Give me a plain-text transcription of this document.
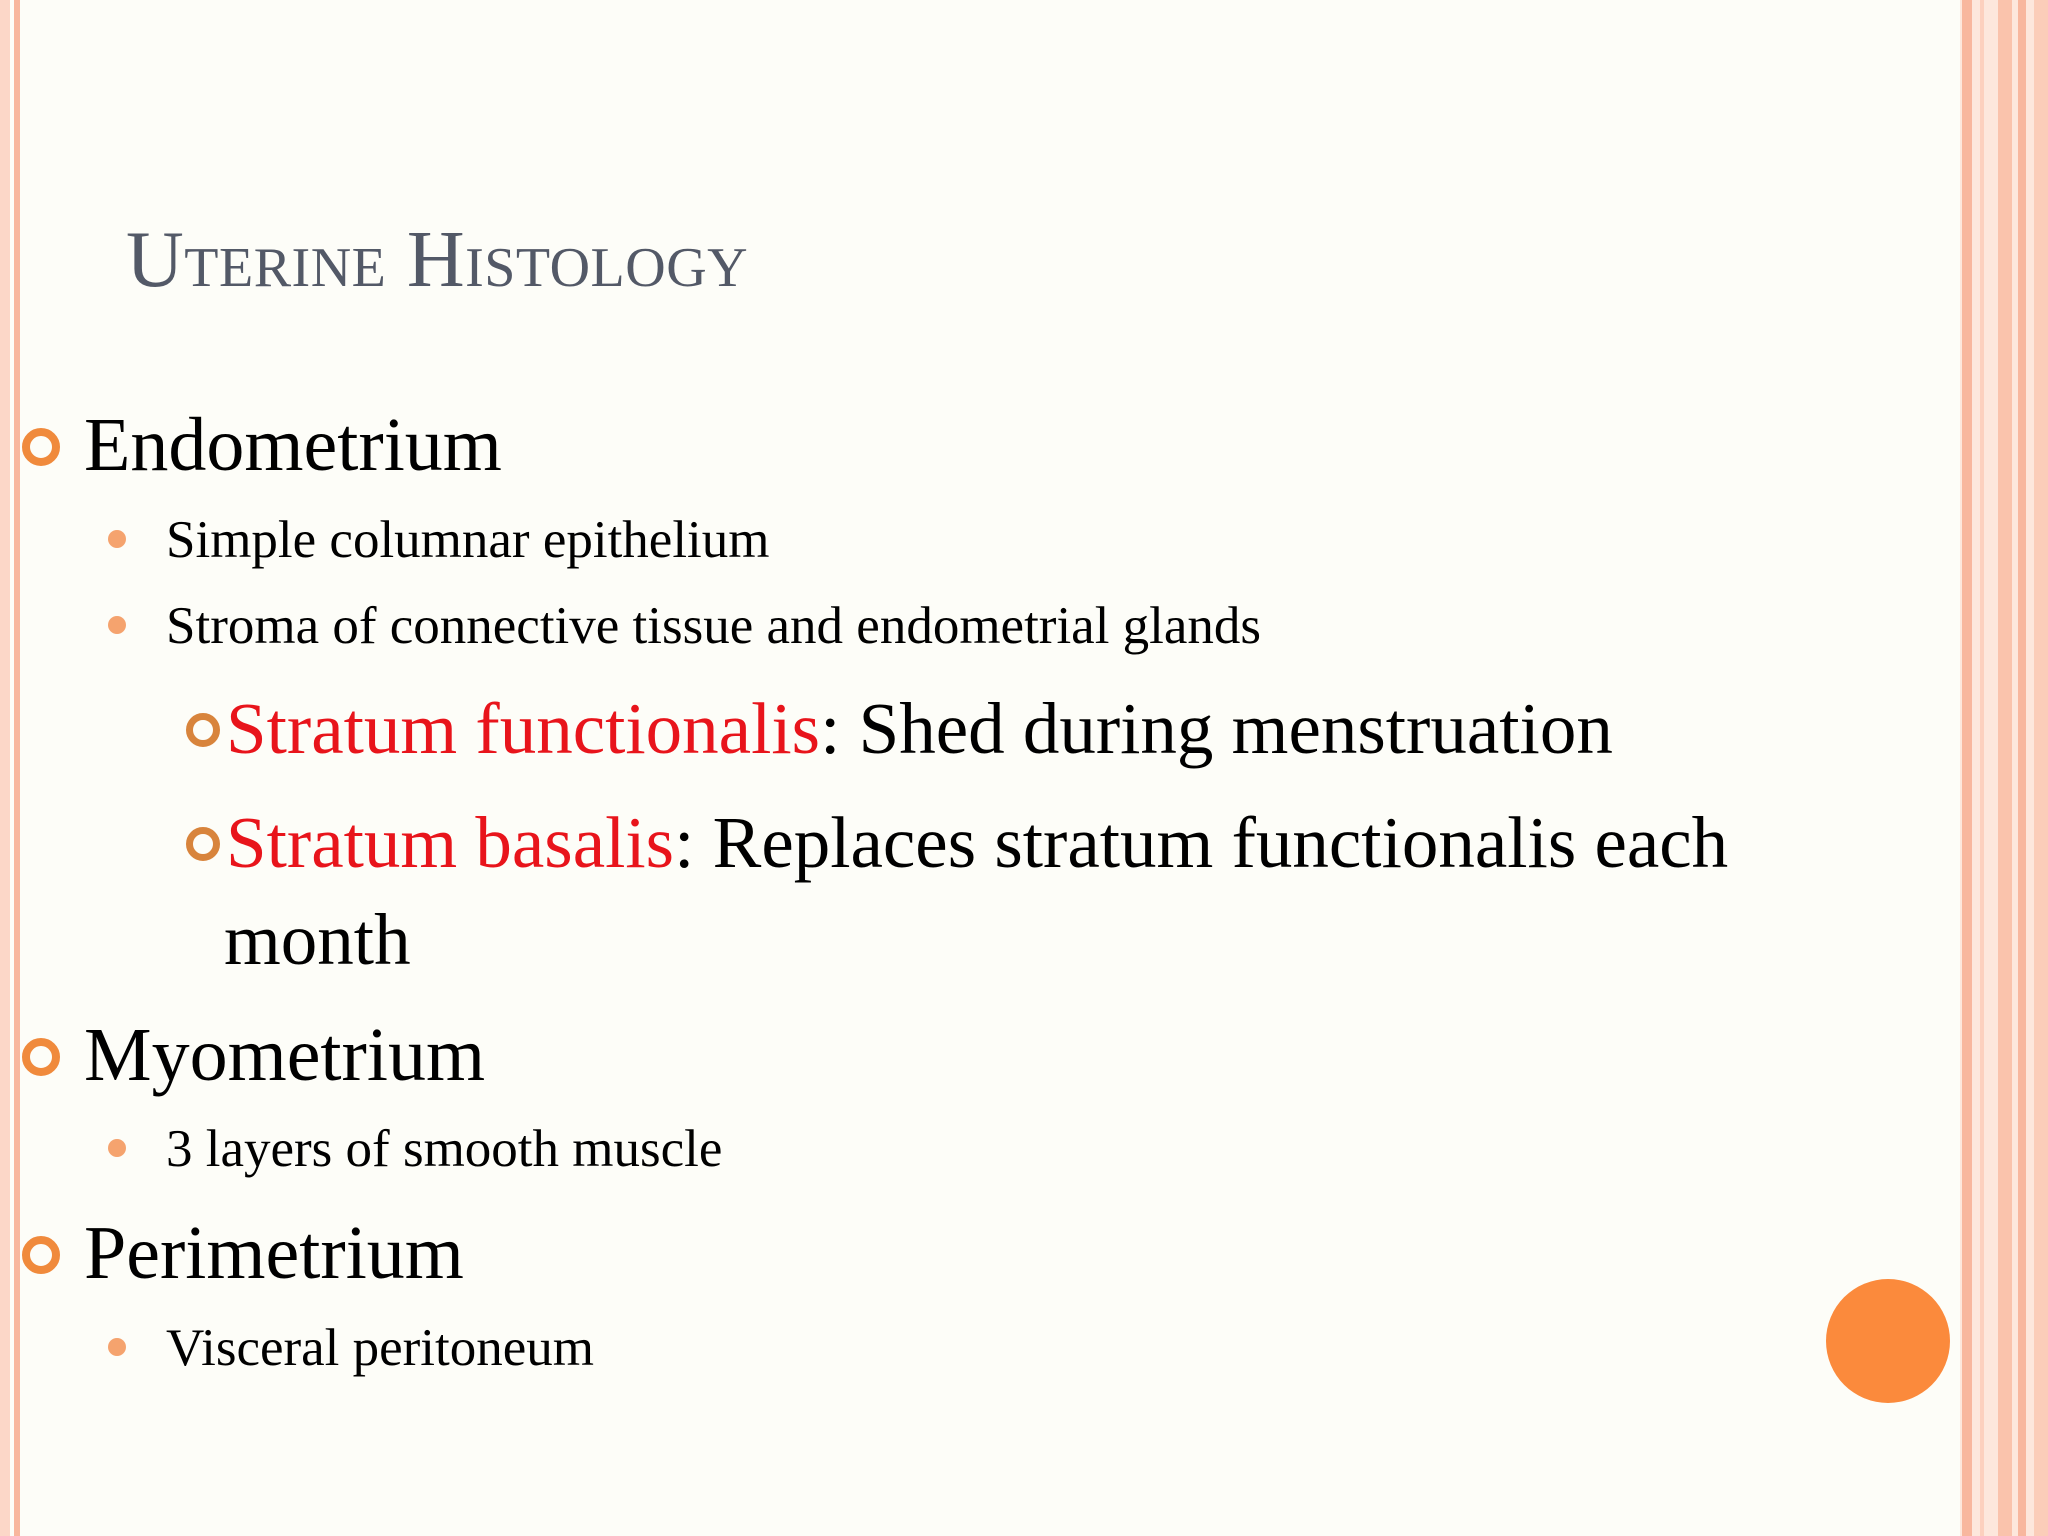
Uterine Histology
Endometrium
Simple columnar epithelium
Stroma of connective tissue and endometrial glands
Stratum functionalis: Shed during menstruation
Stratum basalis: Replaces stratum functionalis each
month
Myometrium
3 layers of smooth muscle
Perimetrium
Visceral peritoneum
